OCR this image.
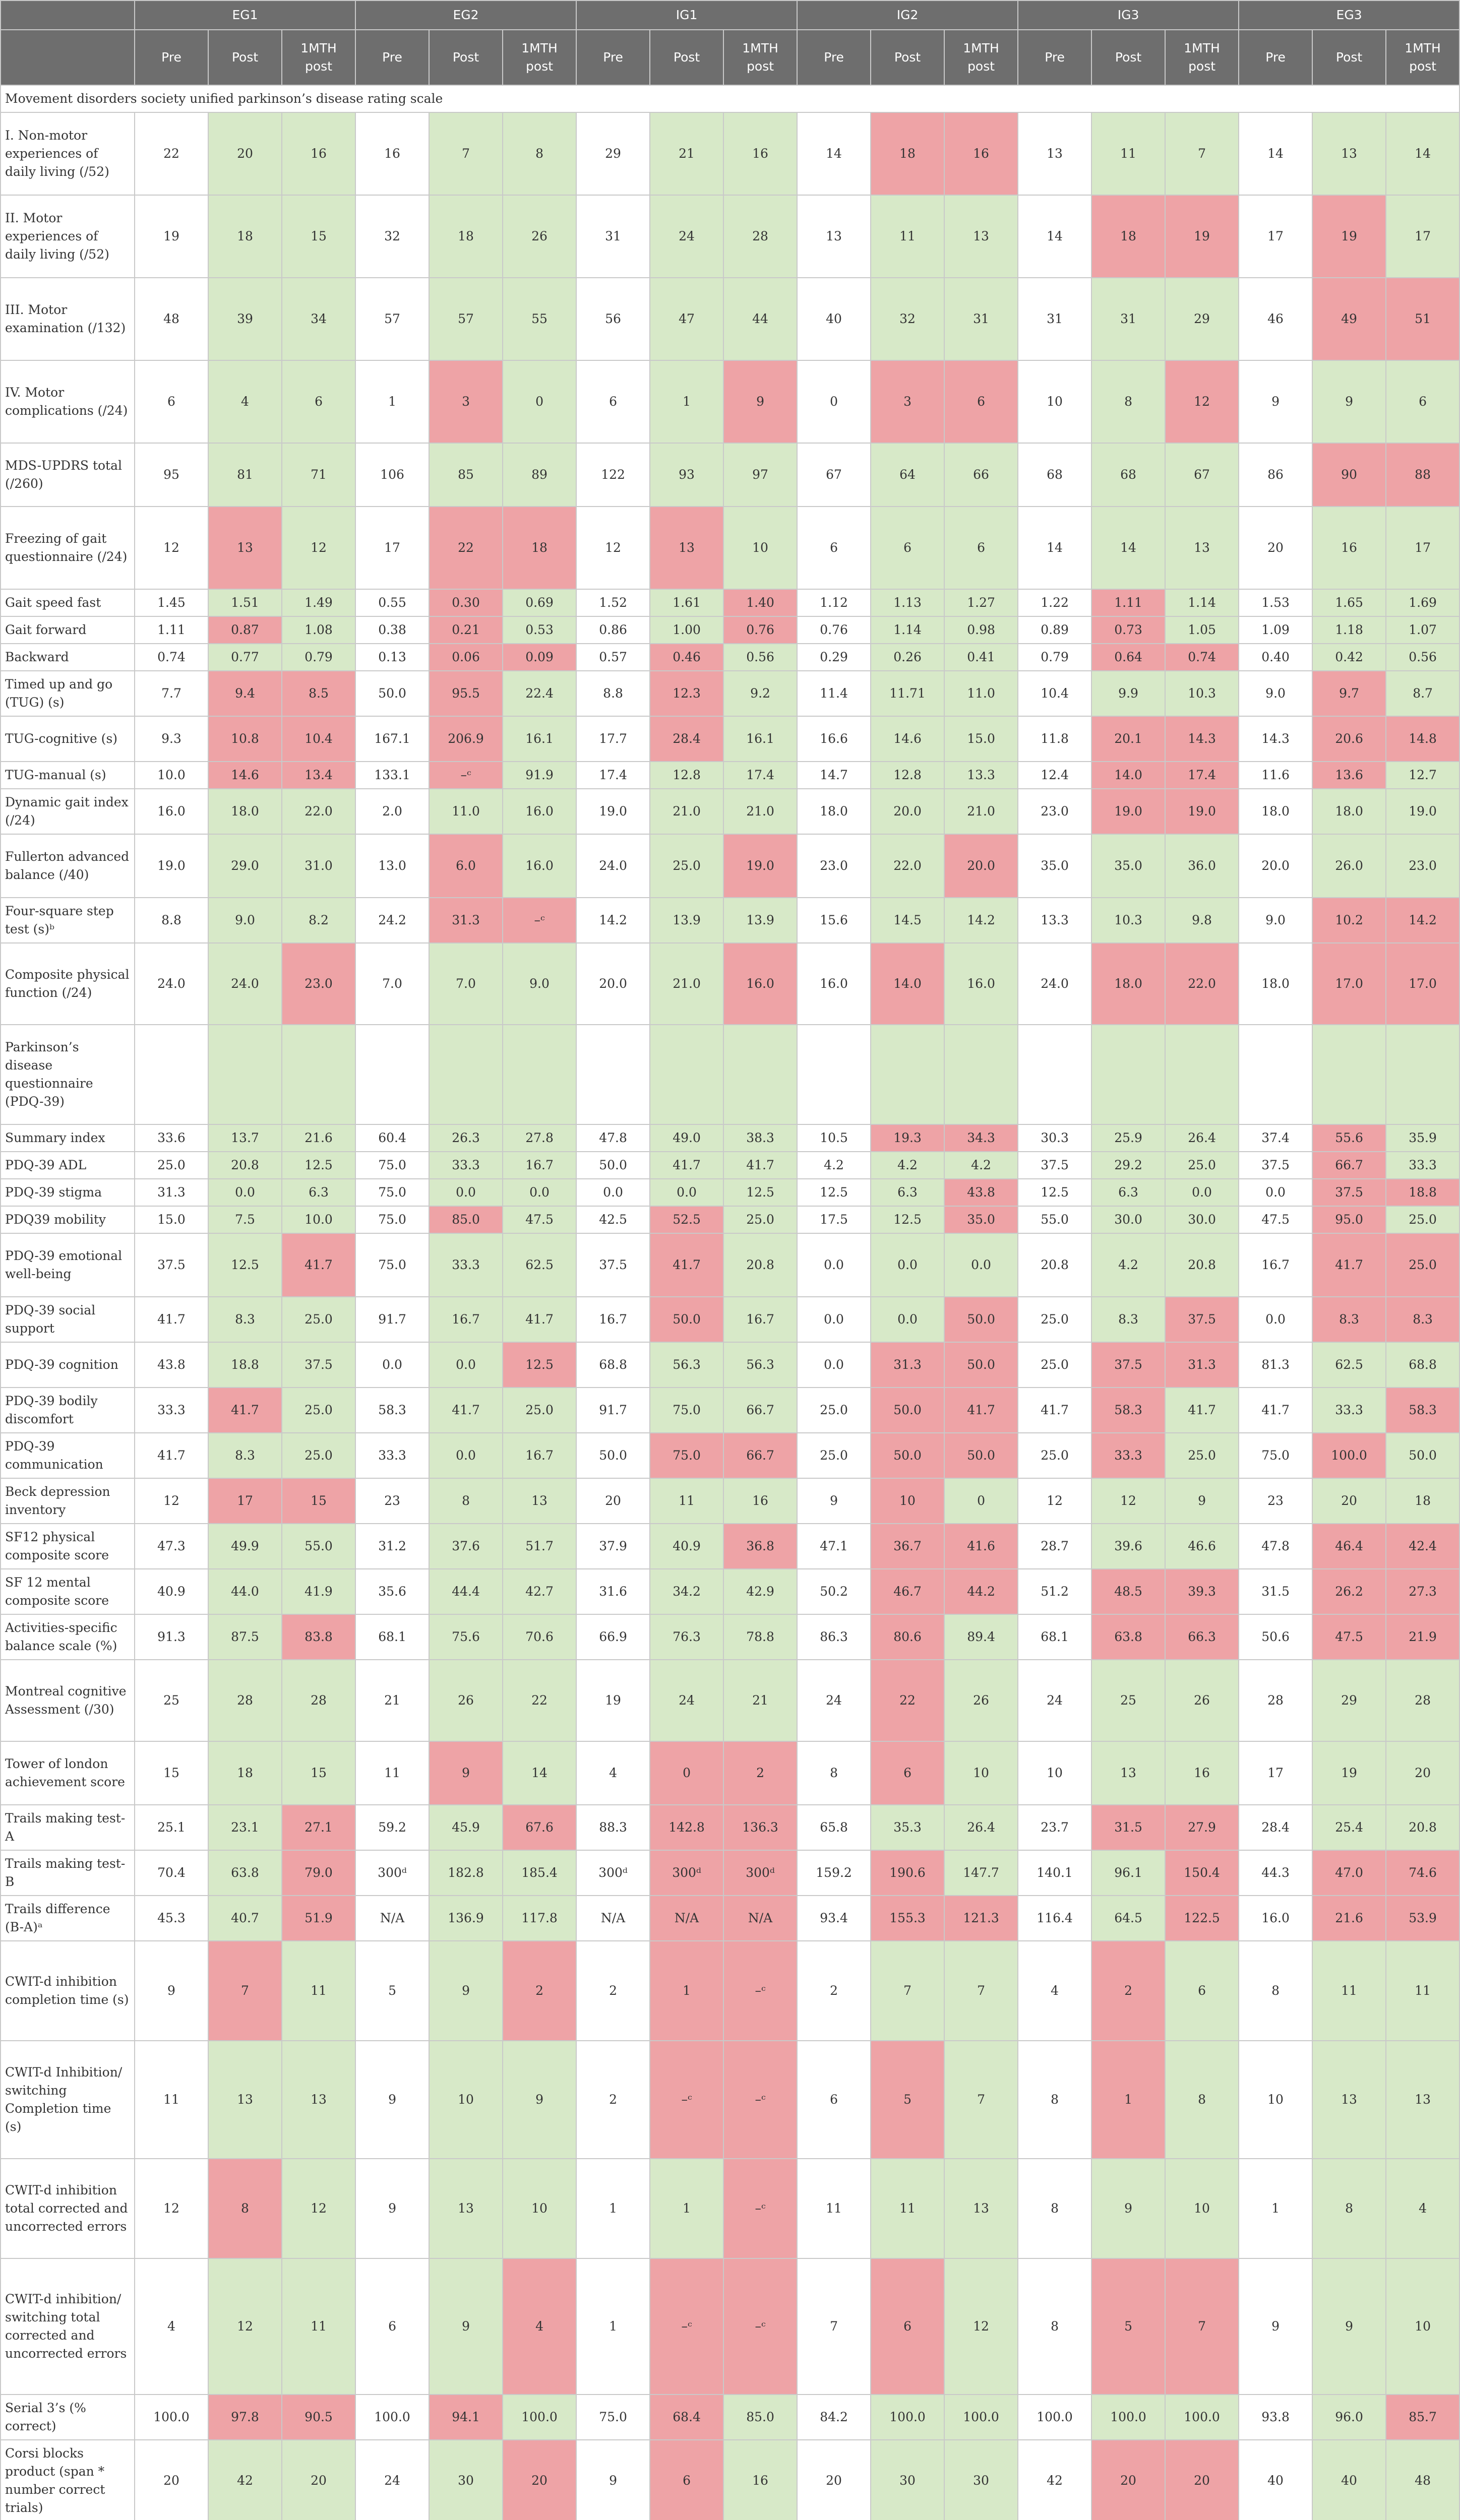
	EG1			EG2			IG1			IG2			IG3			EG3		
	Pre	Post	1MTH post	Pre	Post	1MTH post	Pre	Post	1MTH post	Pre	Post	1MTH post	Pre	Post	1MTH post	Pre	Post	1MTH post
Movement disorders society unified parkinson’s disease rating scale																		
I. Non-motor experiences of daily living (/52)	22	20	16	16	7	8	29	21	16	14	18	16	13	11	7	14	13	14
II. Motor experiences of daily living (/52)	19	18	15	32	18	26	31	24	28	13	11	13	14	18	19	17	19	17
III. Motor examination (/132)	48	39	34	57	57	55	56	47	44	40	32	31	31	31	29	46	49	51
IV. Motor complications (/24)	6	4	6	1	3	0	6	1	9	0	3	6	10	8	12	9	9	6
MDS-UPDRS total (/260)	95	81	71	106	85	89	122	93	97	67	64	66	68	68	67	86	90	88
Freezing of gait questionnaire (/24)	12	13	12	17	22	18	12	13	10	6	6	6	14	14	13	20	16	17
Gait speed fast	1.45	1.51	1.49	0.55	0.30	0.69	1.52	1.61	1.40	1.12	1.13	1.27	1.22	1.11	1.14	1.53	1.65	1.69
Gait forward	1.11	0.87	1.08	0.38	0.21	0.53	0.86	1.00	0.76	0.76	1.14	0.98	0.89	0.73	1.05	1.09	1.18	1.07
Backward	0.74	0.77	0.79	0.13	0.06	0.09	0.57	0.46	0.56	0.29	0.26	0.41	0.79	0.64	0.74	0.40	0.42	0.56
Timed up and go (TUG) (s)	7.7	9.4	8.5	50.0	95.5	22.4	8.8	12.3	9.2	11.4	11.71	11.0	10.4	9.9	10.3	9.0	9.7	8.7
TUG-cognitive (s)	9.3	10.8	10.4	167.1	206.9	16.1	17.7	28.4	16.1	16.6	14.6	15.0	11.8	20.1	14.3	14.3	20.6	14.8
TUG-manual (s)	10.0	14.6	13.4	133.1	–ᶜ	91.9	17.4	12.8	17.4	14.7	12.8	13.3	12.4	14.0	17.4	11.6	13.6	12.7
Dynamic gait index (/24)	16.0	18.0	22.0	2.0	11.0	16.0	19.0	21.0	21.0	18.0	20.0	21.0	23.0	19.0	19.0	18.0	18.0	19.0
Fullerton advanced balance (/40)	19.0	29.0	31.0	13.0	6.0	16.0	24.0	25.0	19.0	23.0	22.0	20.0	35.0	35.0	36.0	20.0	26.0	23.0
Four-square step test (s)ᵇ	8.8	9.0	8.2	24.2	31.3	–ᶜ	14.2	13.9	13.9	15.6	14.5	14.2	13.3	10.3	9.8	9.0	10.2	14.2
Composite physical function (/24)	24.0	24.0	23.0	7.0	7.0	9.0	20.0	21.0	16.0	16.0	14.0	16.0	24.0	18.0	22.0	18.0	17.0	17.0
Parkinson’s disease questionnaire (PDQ-39)																		
Summary index	33.6	13.7	21.6	60.4	26.3	27.8	47.8	49.0	38.3	10.5	19.3	34.3	30.3	25.9	26.4	37.4	55.6	35.9
PDQ-39 ADL	25.0	20.8	12.5	75.0	33.3	16.7	50.0	41.7	41.7	4.2	4.2	4.2	37.5	29.2	25.0	37.5	66.7	33.3
PDQ-39 stigma	31.3	0.0	6.3	75.0	0.0	0.0	0.0	0.0	12.5	12.5	6.3	43.8	12.5	6.3	0.0	0.0	37.5	18.8
PDQ39 mobility	15.0	7.5	10.0	75.0	85.0	47.5	42.5	52.5	25.0	17.5	12.5	35.0	55.0	30.0	30.0	47.5	95.0	25.0
PDQ-39 emotional well-being	37.5	12.5	41.7	75.0	33.3	62.5	37.5	41.7	20.8	0.0	0.0	0.0	20.8	4.2	20.8	16.7	41.7	25.0
PDQ-39 social support	41.7	8.3	25.0	91.7	16.7	41.7	16.7	50.0	16.7	0.0	0.0	50.0	25.0	8.3	37.5	0.0	8.3	8.3
PDQ-39 cognition	43.8	18.8	37.5	0.0	0.0	12.5	68.8	56.3	56.3	0.0	31.3	50.0	25.0	37.5	31.3	81.3	62.5	68.8
PDQ-39 bodily discomfort	33.3	41.7	25.0	58.3	41.7	25.0	91.7	75.0	66.7	25.0	50.0	41.7	41.7	58.3	41.7	41.7	33.3	58.3
PDQ-39 communication	41.7	8.3	25.0	33.3	0.0	16.7	50.0	75.0	66.7	25.0	50.0	50.0	25.0	33.3	25.0	75.0	100.0	50.0
Beck depression inventory	12	17	15	23	8	13	20	11	16	9	10	0	12	12	9	23	20	18
SF12 physical composite score	47.3	49.9	55.0	31.2	37.6	51.7	37.9	40.9	36.8	47.1	36.7	41.6	28.7	39.6	46.6	47.8	46.4	42.4
SF 12 mental composite score	40.9	44.0	41.9	35.6	44.4	42.7	31.6	34.2	42.9	50.2	46.7	44.2	51.2	48.5	39.3	31.5	26.2	27.3
Activities-specific balance scale (%)	91.3	87.5	83.8	68.1	75.6	70.6	66.9	76.3	78.8	86.3	80.6	89.4	68.1	63.8	66.3	50.6	47.5	21.9
Montreal cognitive Assessment (/30)	25	28	28	21	26	22	19	24	21	24	22	26	24	25	26	28	29	28
Tower of london achievement score	15	18	15	11	9	14	4	0	2	8	6	10	10	13	16	17	19	20
Trails making test-A	25.1	23.1	27.1	59.2	45.9	67.6	88.3	142.8	136.3	65.8	35.3	26.4	23.7	31.5	27.9	28.4	25.4	20.8
Trails making test-B	70.4	63.8	79.0	300ᵈ	182.8	185.4	300ᵈ	300ᵈ	300ᵈ	159.2	190.6	147.7	140.1	96.1	150.4	44.3	47.0	74.6
Trails difference (B-A)ᵃ	45.3	40.7	51.9	N/A	136.9	117.8	N/A	N/A	N/A	93.4	155.3	121.3	116.4	64.5	122.5	16.0	21.6	53.9
CWIT-d inhibition completion time (s)	9	7	11	5	9	2	2	1	–ᶜ	2	7	7	4	2	6	8	11	11
CWIT-d Inhibition/ switching Completion time (s)	11	13	13	9	10	9	2	–ᶜ	–ᶜ	6	5	7	8	1	8	10	13	13
CWIT-d inhibition total corrected and uncorrected errors	12	8	12	9	13	10	1	1	–ᶜ	11	11	13	8	9	10	1	8	4
CWIT-d inhibition/ switching total corrected and uncorrected errors	4	12	11	6	9	4	1	–ᶜ	–ᶜ	7	6	12	8	5	7	9	9	10
Serial 3’s (% correct)	100.0	97.8	90.5	100.0	94.1	100.0	75.0	68.4	85.0	84.2	100.0	100.0	100.0	100.0	100.0	93.8	96.0	85.7
Corsi blocks product (span * number correct trials)	20	42	20	24	30	20	9	6	16	20	30	30	42	20	20	40	40	48
